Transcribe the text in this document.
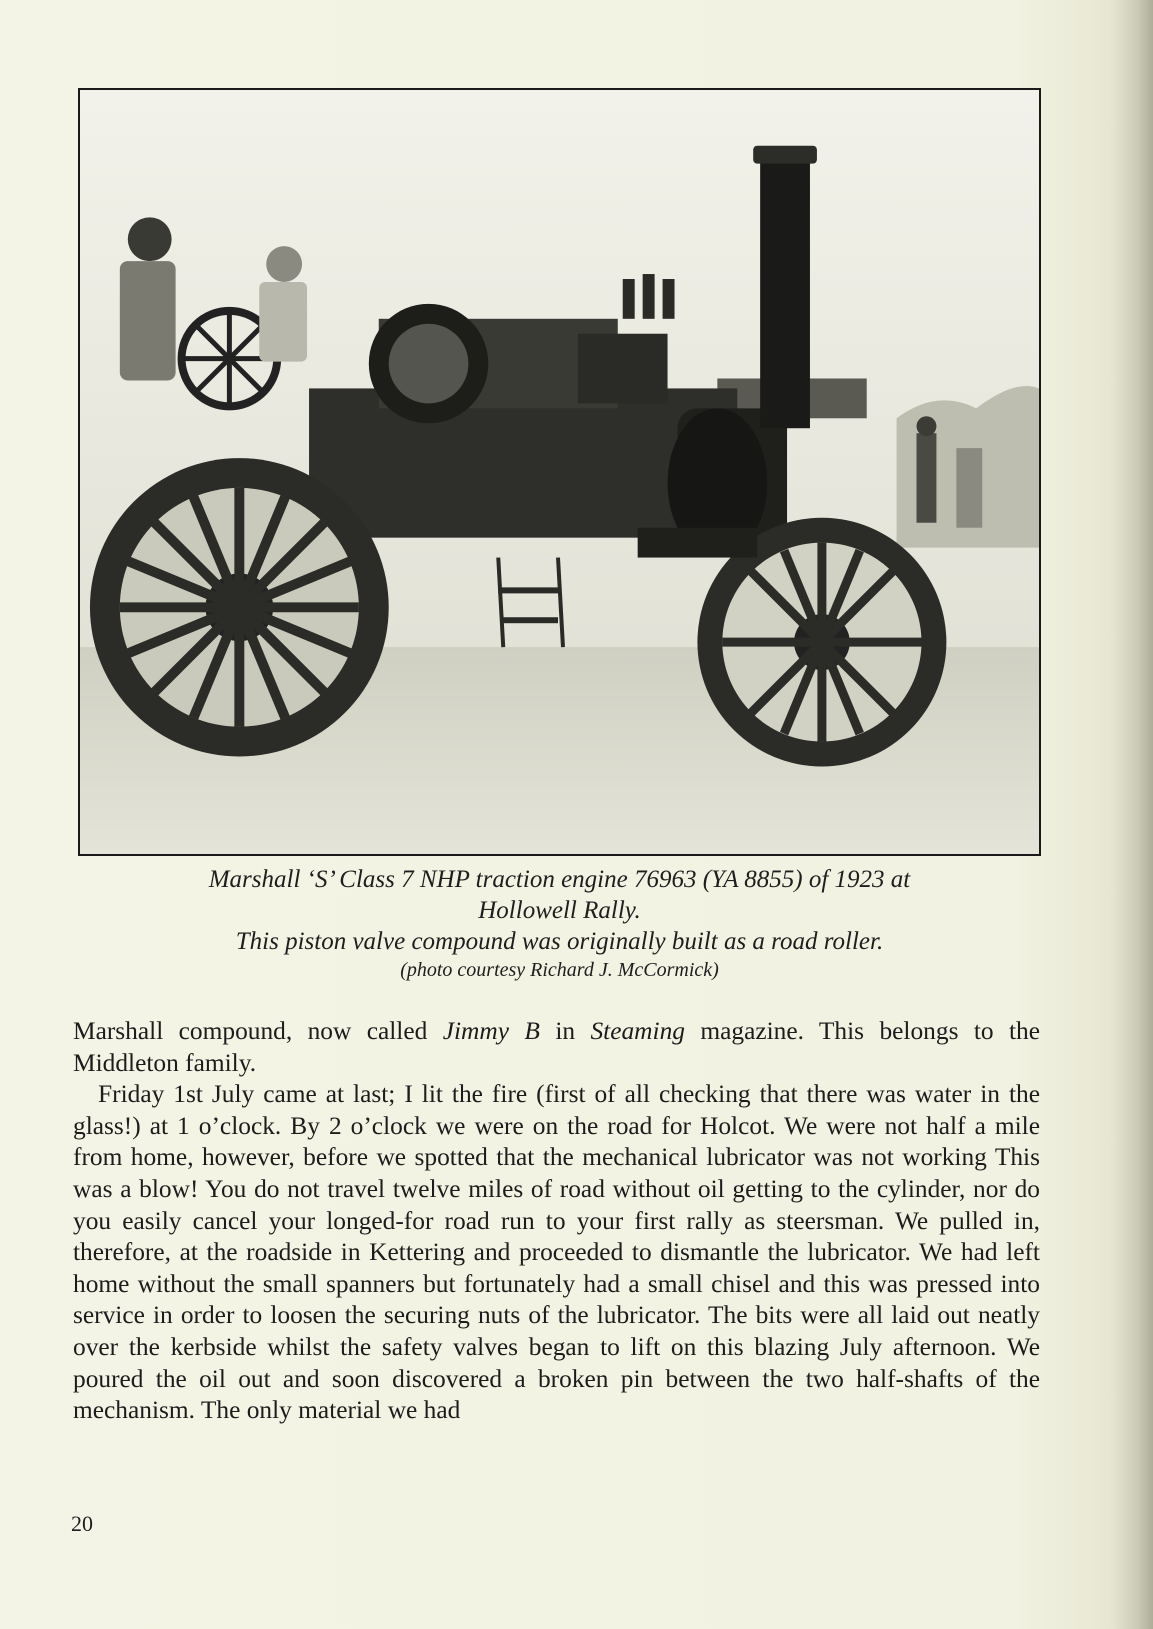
Marshall ‘S’ Class 7 NHP traction engine 76963 (YA 8855) of 1923 at
Hollowell Rally.
This piston valve compound was originally built as a road roller.
(photo courtesy Richard J. McCormick)

Marshall compound, now called Jimmy B in Steaming magazine. This belongs to the Middleton family.

Friday 1st July came at last; I lit the fire (first of all checking that there was water in the glass!) at 1 o’clock. By 2 o’clock we were on the road for Holcot. We were not half a mile from home, however, before we spotted that the mechanical lubricator was not working This was a blow! You do not travel twelve miles of road without oil getting to the cylinder, nor do you easily cancel your longed-for road run to your first rally as steersman. We pulled in, therefore, at the roadside in Kettering and proceeded to dismantle the lubricator. We had left home without the small spanners but fortunately had a small chisel and this was pressed into service in order to loosen the securing nuts of the lubricator. The bits were all laid out neatly over the kerbside whilst the safety valves began to lift on this blazing July afternoon. We poured the oil out and soon discovered a broken pin between the two half-shafts of the mechanism. The only material we had

20
